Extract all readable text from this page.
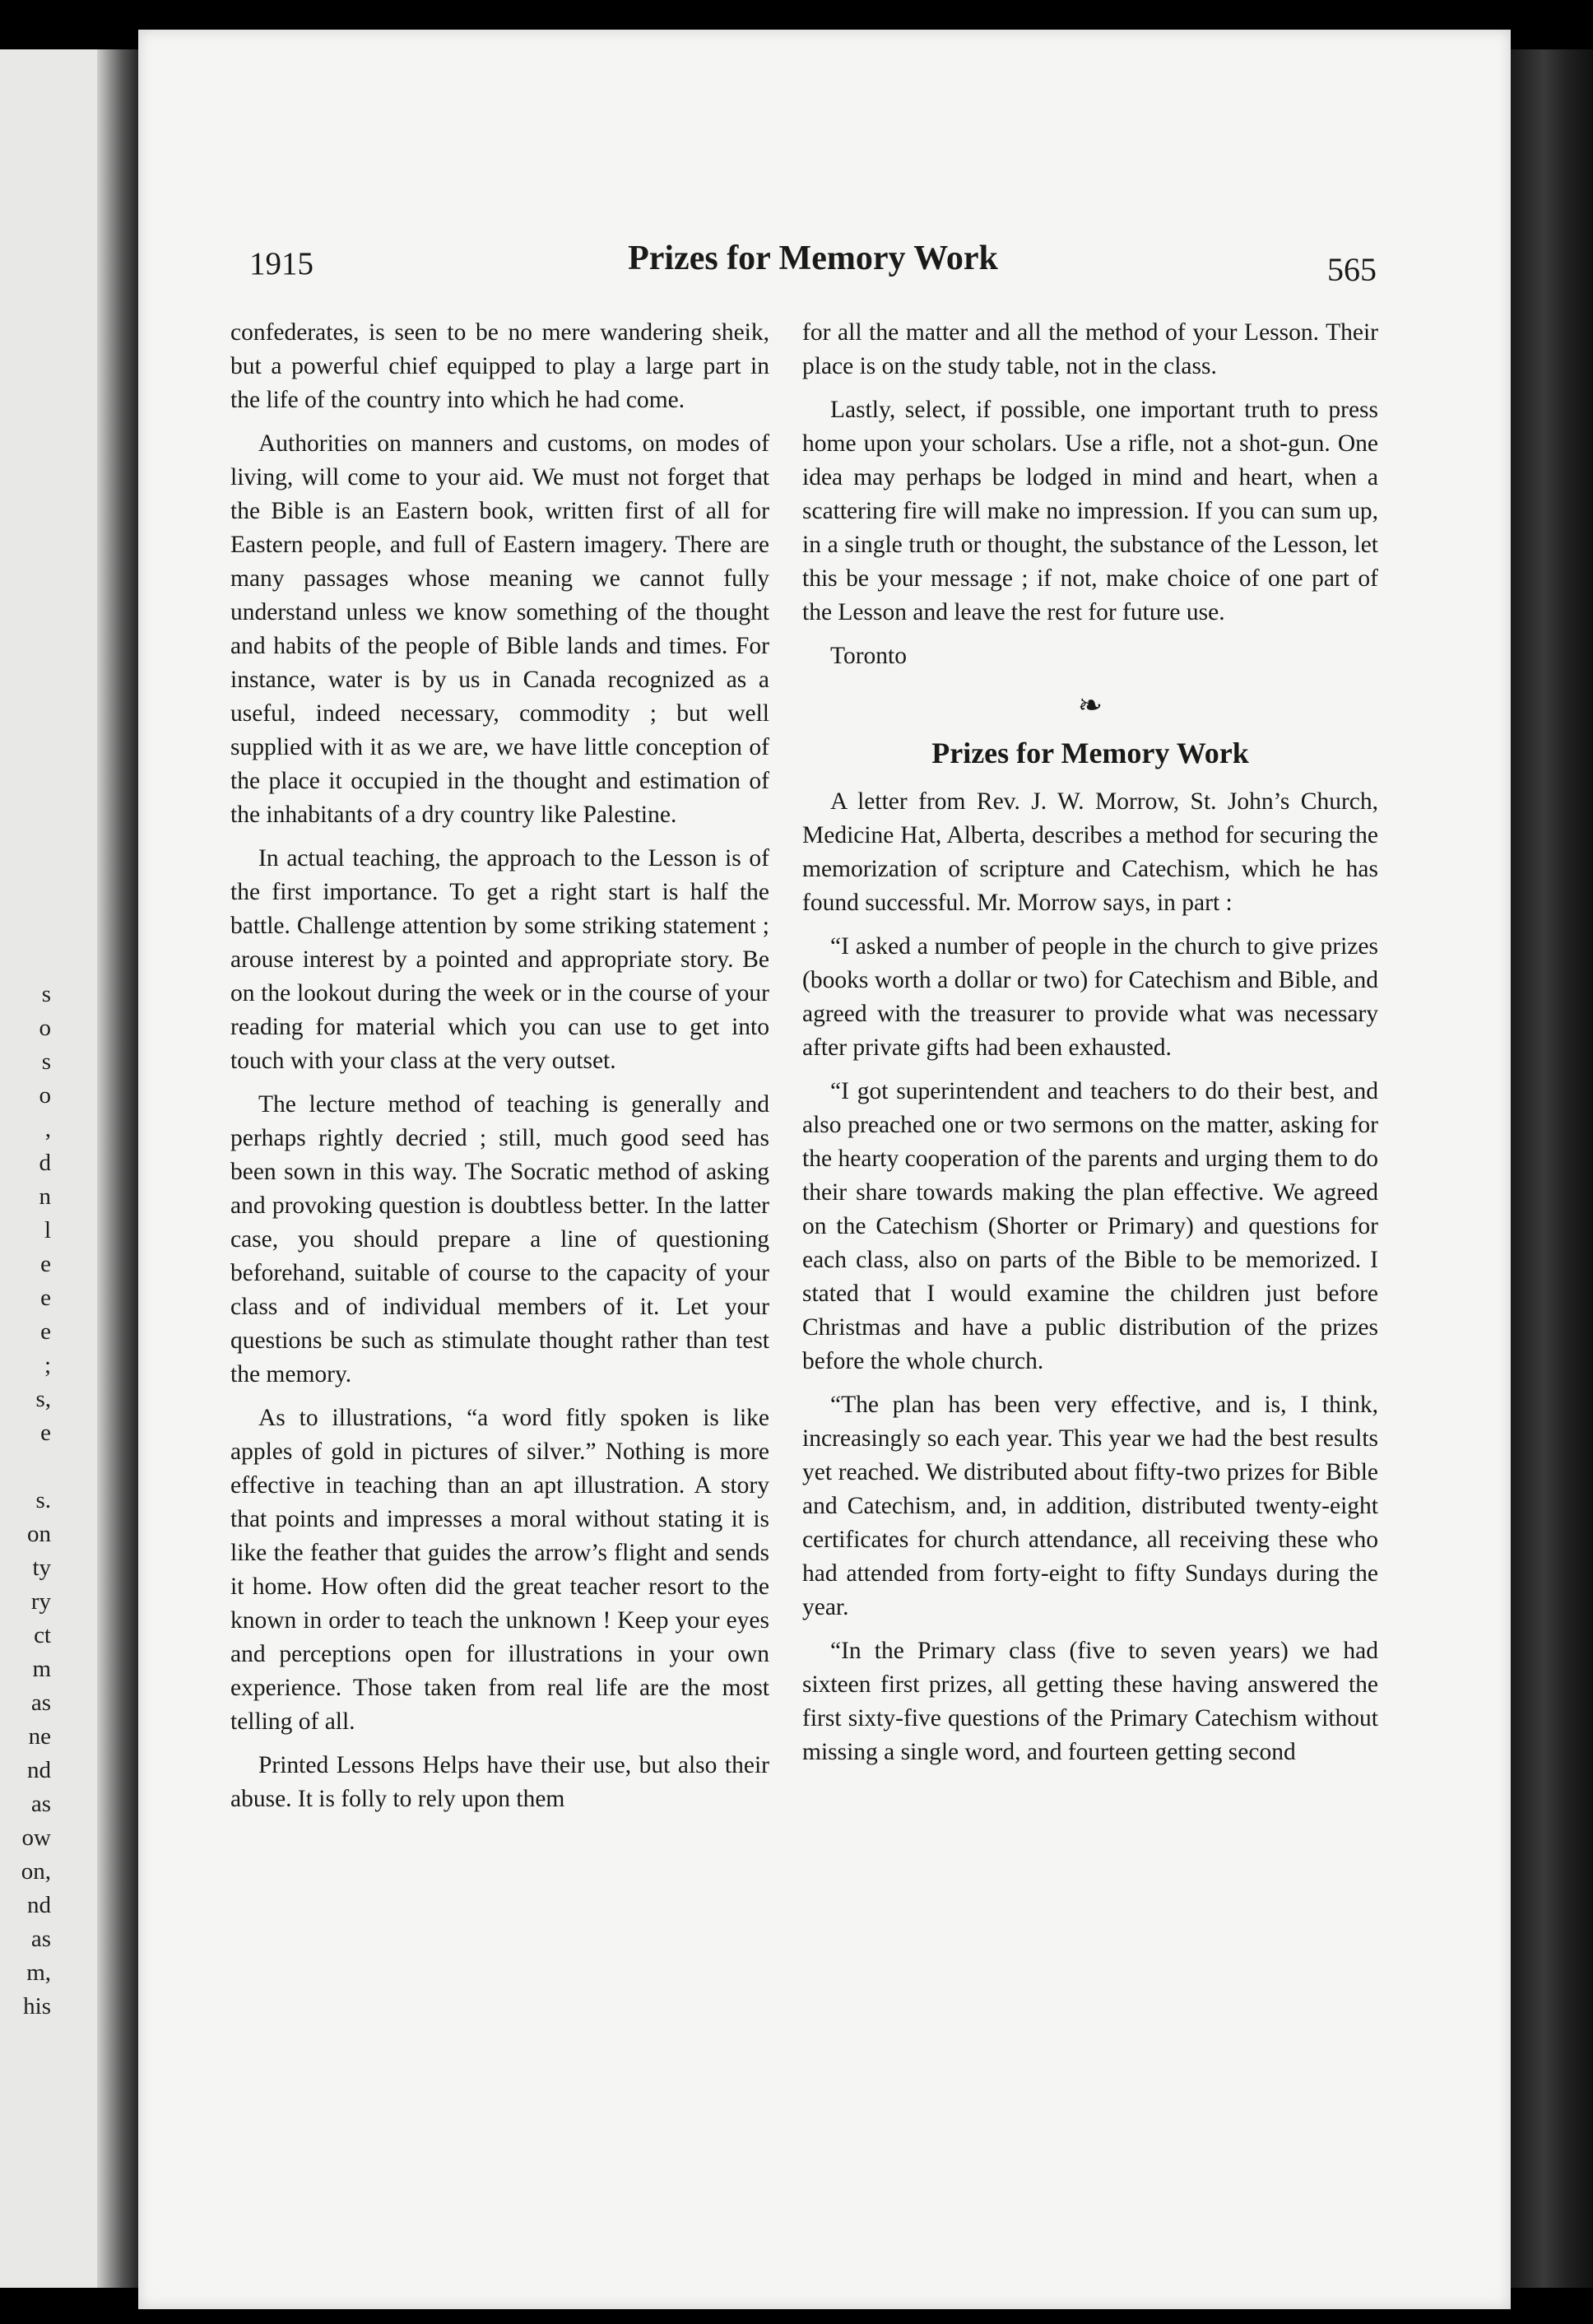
s
o
s
o
,
d
n
l
e
e
e
;
s,
e
s.
on
ty
ry
ct
m
as
ne
nd
as
ow
on,
nd
as
m,
his
1915	Prizes for Memory Work	565

confederates, is seen to be no mere wandering sheik, but a powerful chief equipped to play a large part in the life of the country into which he had come.

Authorities on manners and customs, on modes of living, will come to your aid. We must not forget that the Bible is an Eastern book, written first of all for Eastern people, and full of Eastern imagery. There are many passages whose meaning we cannot fully understand unless we know something of the thought and habits of the people of Bible lands and times. For instance, water is by us in Canada recognized as a useful, indeed necessary, commodity ; but well supplied with it as we are, we have little conception of the place it occupied in the thought and estimation of the inhabitants of a dry country like Palestine.

In actual teaching, the approach to the Lesson is of the first importance. To get a right start is half the battle. Challenge attention by some striking statement ; arouse interest by a pointed and appropriate story. Be on the lookout during the week or in the course of your reading for material which you can use to get into touch with your class at the very outset.

The lecture method of teaching is generally and perhaps rightly decried ; still, much good seed has been sown in this way. The Socratic method of asking and provoking question is doubtless better. In the latter case, you should prepare a line of questioning beforehand, suitable of course to the capacity of your class and of individual members of it. Let your questions be such as stimulate thought rather than test the memory.

As to illustrations, “a word fitly spoken is like apples of gold in pictures of silver.” Nothing is more effective in teaching than an apt illustration. A story that points and impresses a moral without stating it is like the feather that guides the arrow’s flight and sends it home. How often did the great teacher resort to the known in order to teach the unknown ! Keep your eyes and perceptions open for illustrations in your own experience. Those taken from real life are the most telling of all.

Printed Lessons Helps have their use, but also their abuse. It is folly to rely upon them

for all the matter and all the method of your Lesson. Their place is on the study table, not in the class.

Lastly, select, if possible, one important truth to press home upon your scholars. Use a rifle, not a shot-gun. One idea may perhaps be lodged in mind and heart, when a scattering fire will make no impression. If you can sum up, in a single truth or thought, the substance of the Lesson, let this be your message ; if not, make choice of one part of the Lesson and leave the rest for future use.

Toronto
❧
Prizes for Memory Work

A letter from Rev. J. W. Morrow, St. John’s Church, Medicine Hat, Alberta, describes a method for securing the memorization of scripture and Catechism, which he has found successful. Mr. Morrow says, in part :

“I asked a number of people in the church to give prizes (books worth a dollar or two) for Catechism and Bible, and agreed with the treasurer to provide what was necessary after private gifts had been exhausted.

“I got superintendent and teachers to do their best, and also preached one or two sermons on the matter, asking for the hearty cooperation of the parents and urging them to do their share towards making the plan effective. We agreed on the Catechism (Shorter or Primary) and questions for each class, also on parts of the Bible to be memorized. I stated that I would examine the children just before Christmas and have a public distribution of the prizes before the whole church.

“The plan has been very effective, and is, I think, increasingly so each year. This year we had the best results yet reached. We distributed about fifty-two prizes for Bible and Catechism, and, in addition, distributed twenty-eight certificates for church attendance, all receiving these who had attended from forty-eight to fifty Sundays during the year.

“In the Primary class (five to seven years) we had sixteen first prizes, all getting these having answered the first sixty-five questions of the Primary Catechism without missing a single word, and fourteen getting second
